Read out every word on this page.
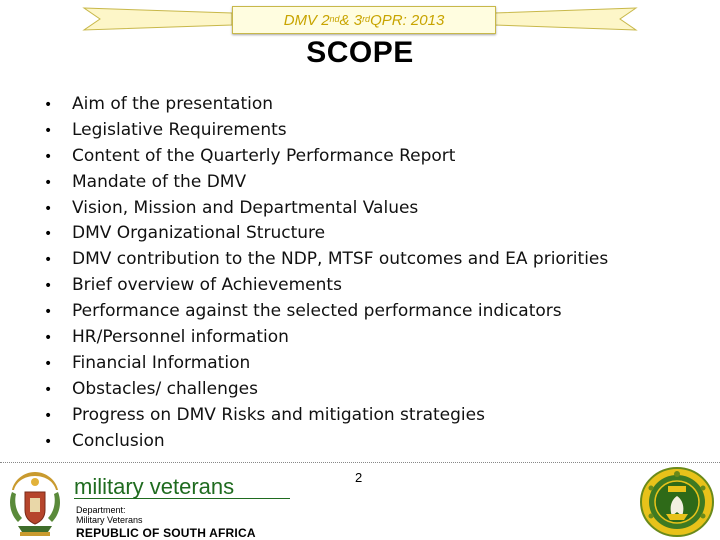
DMV 2nd & 3rd QPR: 2013
SCOPE
• Aim of the presentation
• Legislative Requirements
• Content of the Quarterly Performance Report
• Mandate of the DMV
• Vision, Mission and Departmental Values
• DMV Organizational Structure
• DMV contribution to the NDP, MTSF outcomes and EA priorities
• Brief overview of Achievements
• Performance against the selected performance indicators
• HR/Personnel information
• Financial Information
• Obstacles/ challenges
• Progress on DMV Risks and mitigation strategies
• Conclusion
military veterans
Department:
Military Veterans
REPUBLIC OF SOUTH AFRICA
2
